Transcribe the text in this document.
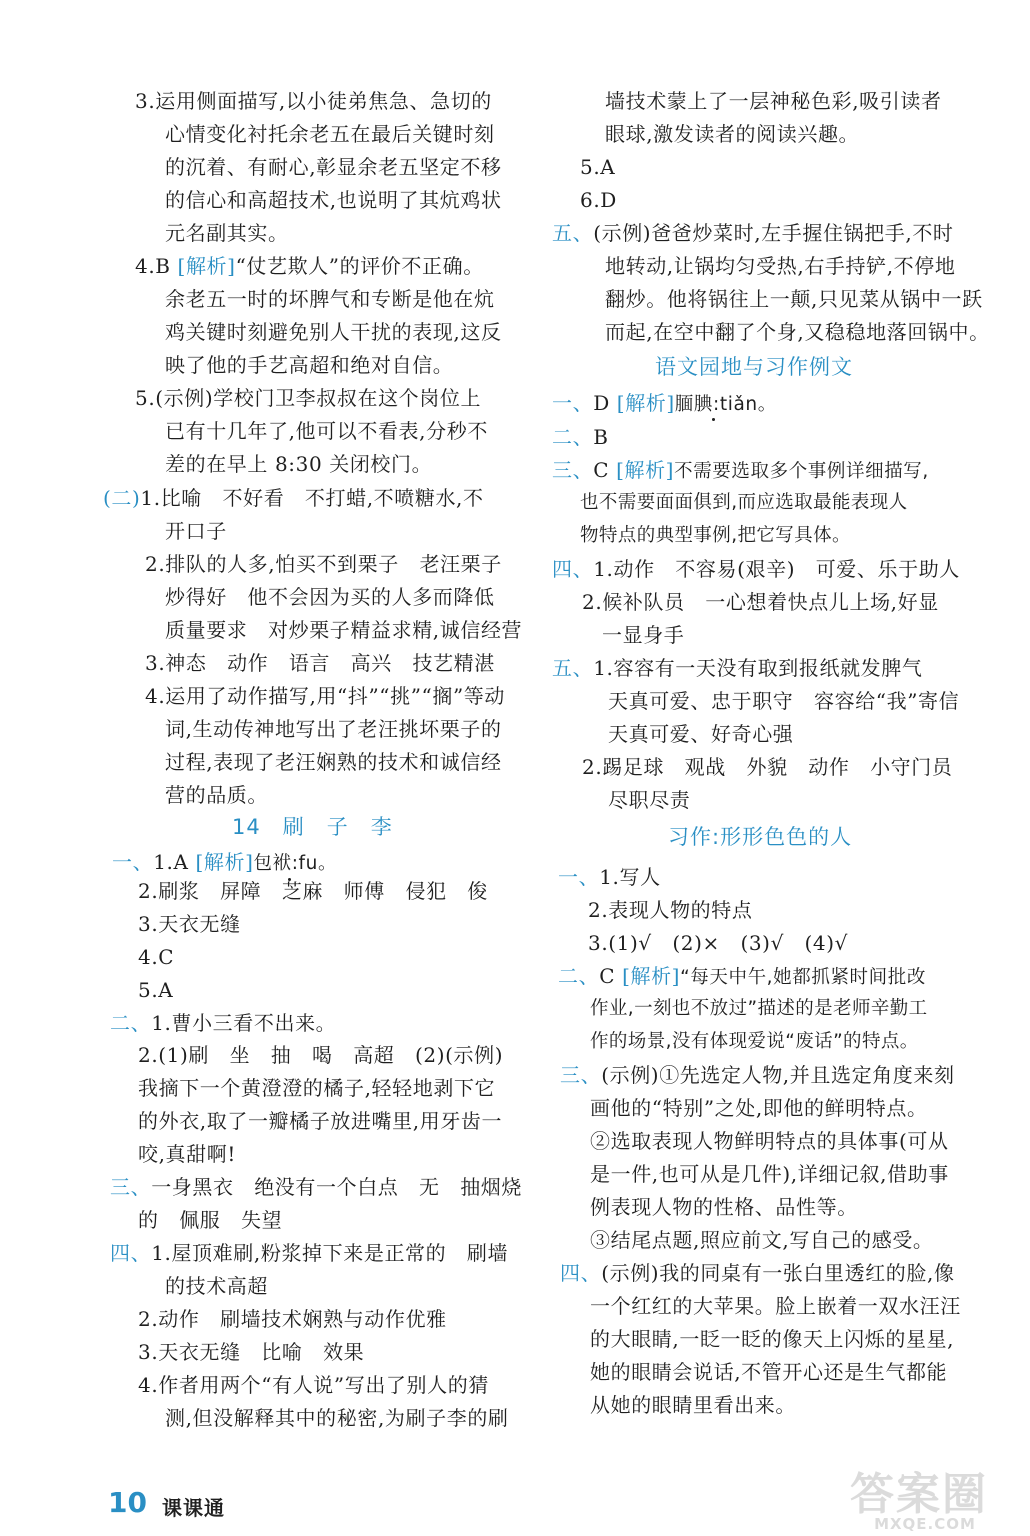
3.运用侧面描写,以小徒弟焦急、急切的
心情变化衬托余老五在最后关键时刻
的沉着、有耐心,彰显余老五坚定不移
的信心和高超技术,也说明了其炕鸡状
元名副其实。
4.B [解析]“仗艺欺人”的评价不正确。
余老五一时的坏脾气和专断是他在炕
鸡关键时刻避免别人干扰的表现,这反
映了他的手艺高超和绝对自信。
5.(示例)学校门卫李叔叔在这个岗位上
已有十几年了,他可以不看表,分秒不
差的在早上 8:30 关闭校门。
(二)1.比喻　不好看　不打蜡,不喷糖水,不
开口子
2.排队的人多,怕买不到栗子　老汪栗子
炒得好　他不会因为买的人多而降低
质量要求　对炒栗子精益求精,诚信经营
3.神态　动作　语言　高兴　技艺精湛
4.运用了动作描写,用“抖”“挑”“搁”等动
词,生动传神地写出了老汪挑坏栗子的
过程,表现了老汪娴熟的技术和诚信经
营的品质。
14　刷　子　李
一、1.A [解析]包袱:fu。
2.刷浆　屏障　芝麻　师傅　侵犯　俊
3.天衣无缝
4.C
5.A
二、1.曹小三看不出来。
2.(1)刷　坐　抽　喝　高超　(2)(示例)
我摘下一个黄澄澄的橘子,轻轻地剥下它
的外衣,取了一瓣橘子放进嘴里,用牙齿一
咬,真甜啊!
三、一身黑衣　绝没有一个白点　无　抽烟烧
的　佩服　失望
四、1.屋顶难刷,粉浆掉下来是正常的　刷墙
的技术高超
2.动作　刷墙技术娴熟与动作优雅
3.天衣无缝　比喻　效果
4.作者用两个“有人说”写出了别人的猜
测,但没解释其中的秘密,为刷子李的刷
墙技术蒙上了一层神秘色彩,吸引读者
眼球,激发读者的阅读兴趣。
5.A
6.D
五、(示例)爸爸炒菜时,左手握住锅把手,不时
地转动,让锅均匀受热,右手持铲,不停地
翻炒。他将锅往上一颠,只见菜从锅中一跃
而起,在空中翻了个身,又稳稳地落回锅中。
语文园地与习作例文
一、D [解析]腼腆:tiǎn。
二、B
三、C [解析]不需要选取多个事例详细描写,
也不需要面面俱到,而应选取最能表现人
物特点的典型事例,把它写具体。
四、1.动作　不容易(艰辛)　可爱、乐于助人
2.候补队员　一心想着快点儿上场,好显
一显身手
五、1.容容有一天没有取到报纸就发脾气
天真可爱、忠于职守　容容给“我”寄信
天真可爱、好奇心强
2.踢足球　观战　外貌　动作　小守门员
尽职尽责
习作:形形色色的人
一、1.写人
2.表现人物的特点
3.(1)√　(2)×　(3)√　(4)√
二、C [解析]“每天中午,她都抓紧时间批改
作业,一刻也不放过”描述的是老师辛勤工
作的场景,没有体现爱说“废话”的特点。
三、(示例)①先选定人物,并且选定角度来刻
画他的“特别”之处,即他的鲜明特点。
②选取表现人物鲜明特点的具体事(可从
是一件,也可从是几件),详细记叙,借助事
例表现人物的性格、品性等。
③结尾点题,照应前文,写自己的感受。
四、(示例)我的同桌有一张白里透红的脸,像
一个红红的大苹果。脸上嵌着一双水汪汪
的大眼睛,一眨一眨的像天上闪烁的星星,
她的眼睛会说话,不管开心还是生气都能
从她的眼睛里看出来。
10 课课通	答案圈
MXQE.COM
